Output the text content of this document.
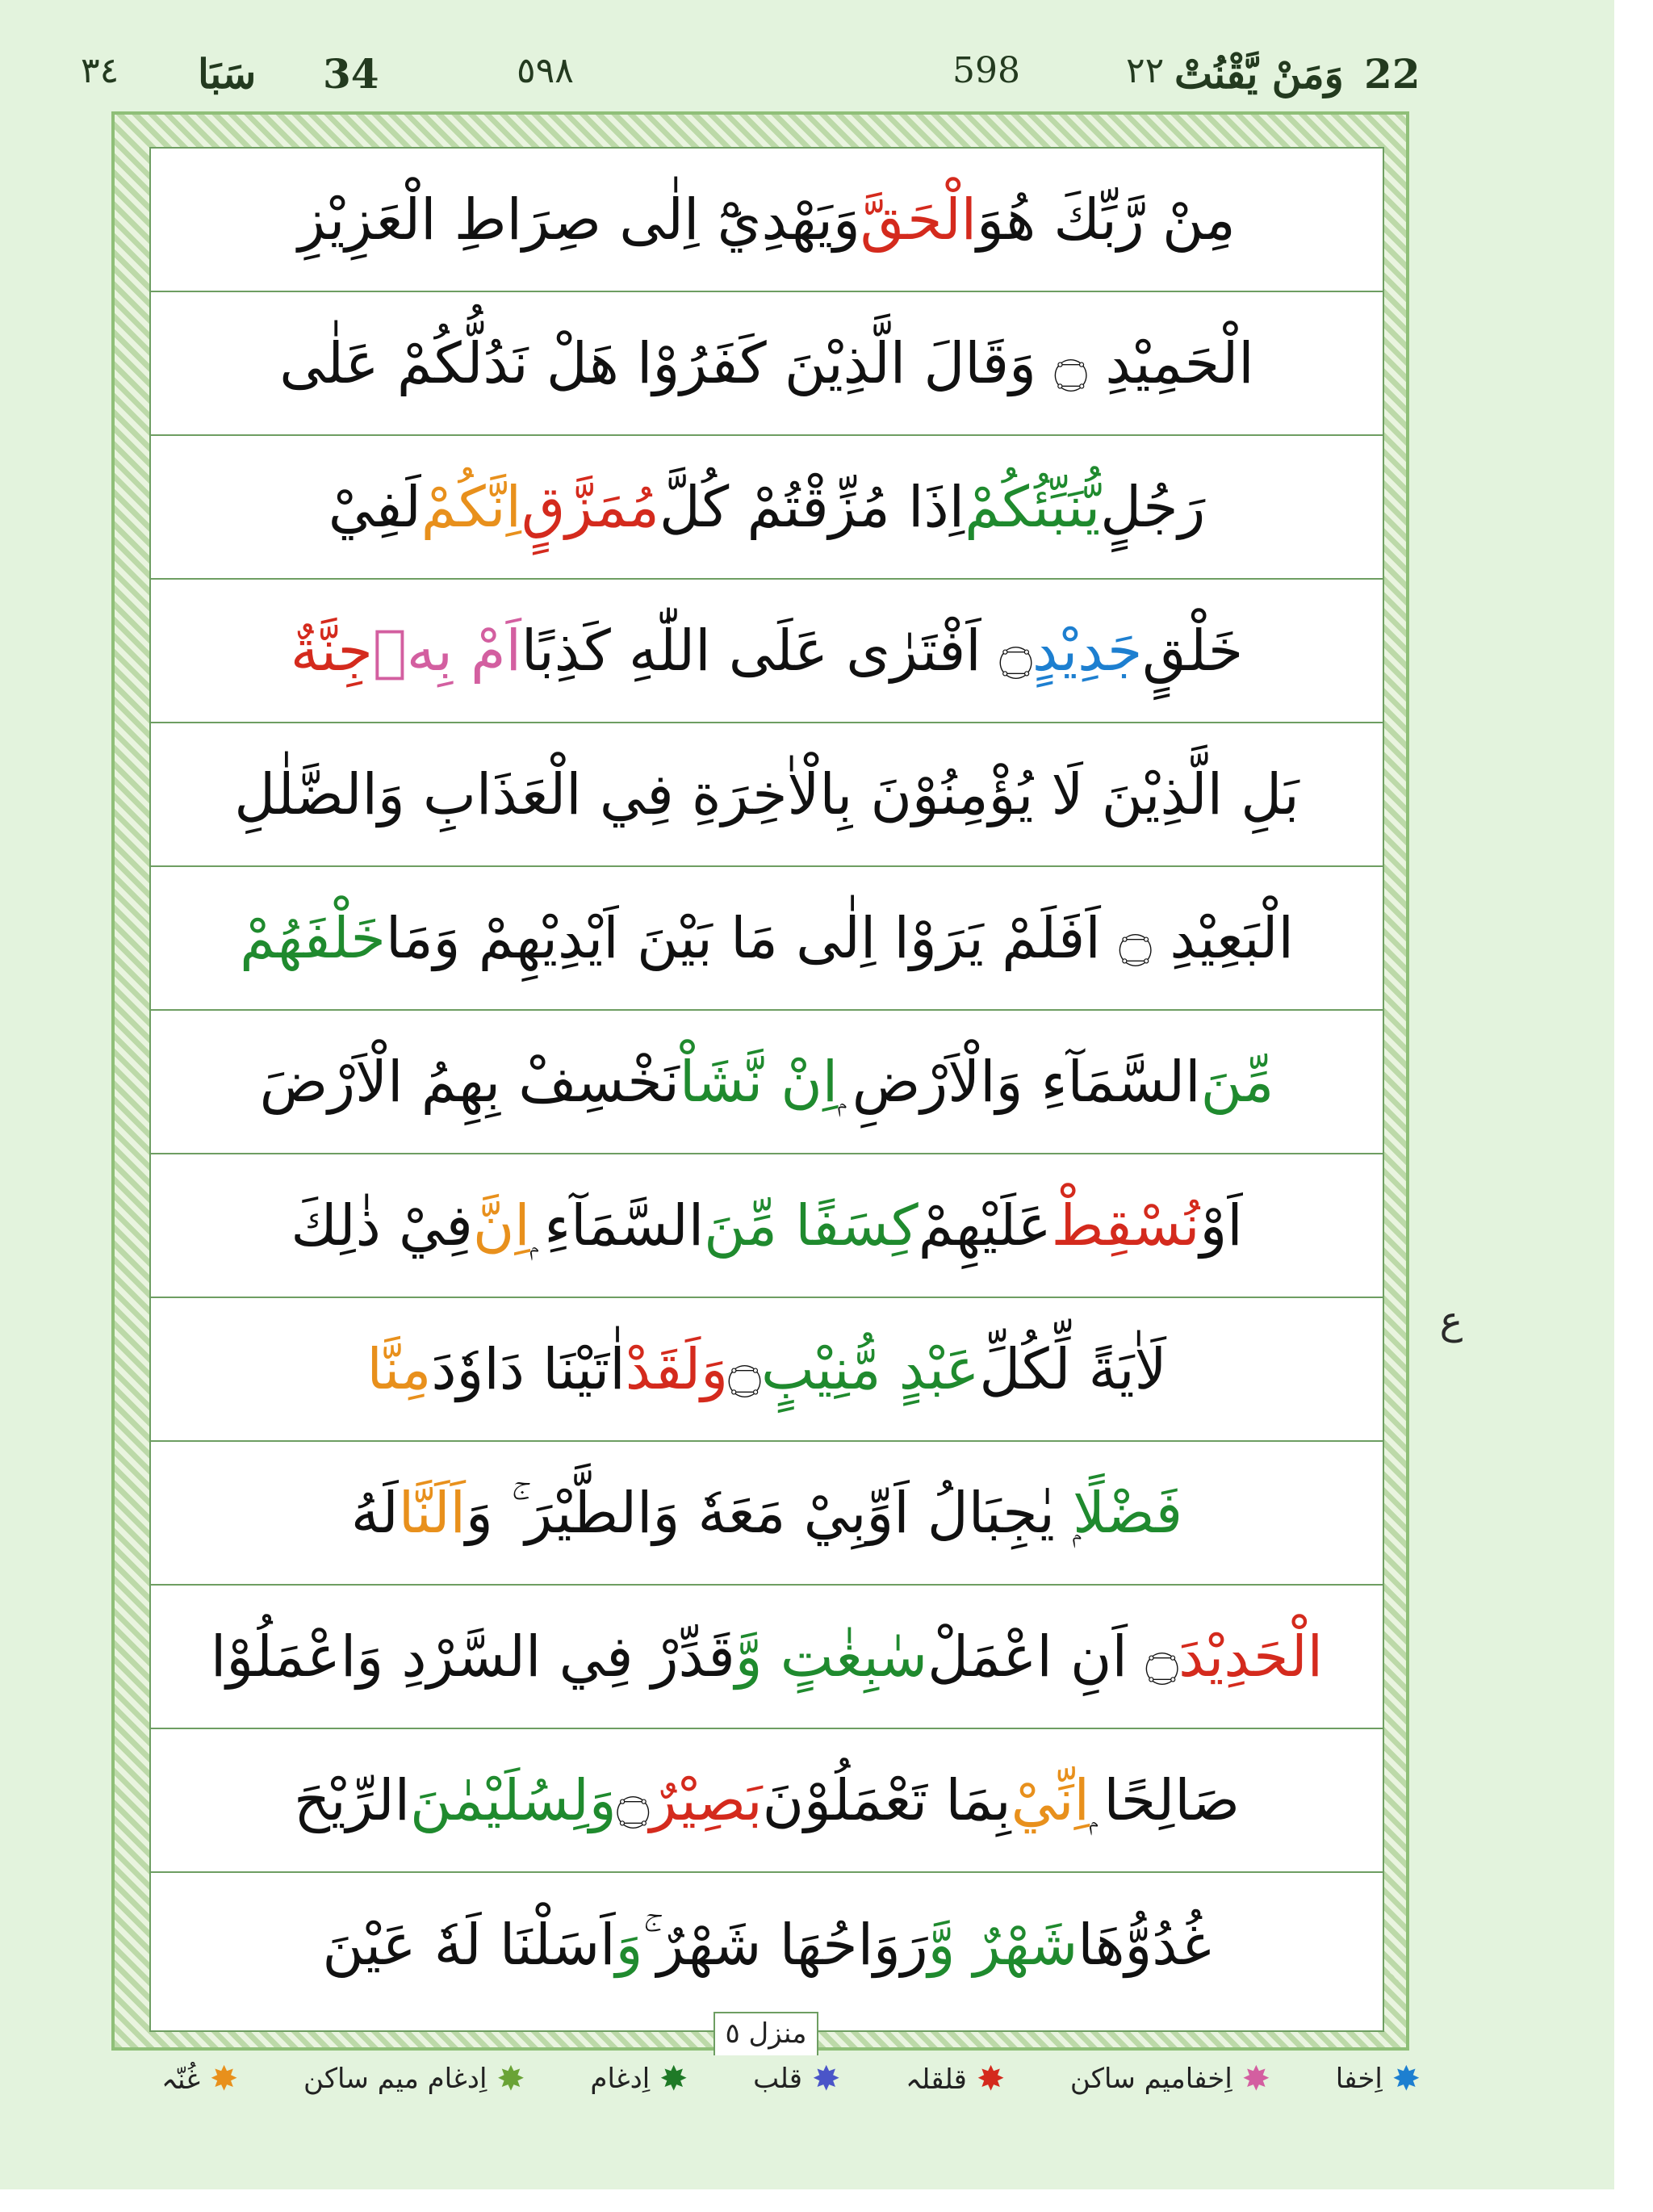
٣٤ سَبَا 34	٥٩٨	598	٢٢ وَمَنْ يَّقْنُتْ 22
مِنْ رَّبِّكَ هُوَ
الْحَقَّ
وَيَهْدِيْٓ اِلٰى صِرَاطِ الْعَزِيْزِ
الْحَمِيْدِ ۝ وَقَالَ الَّذِيْنَ كَفَرُوْا هَلْ نَدُلُّكُمْ عَلٰى
رَجُلٍ
يُّنَبِّئُكُمْ
اِذَا مُزِّقْتُمْ كُلَّ
مُمَزَّقٍ
اِنَّكُمْ
لَفِيْ
خَلْقٍ
جَدِيْدٍ
۝ اَفْتَرٰى عَلَى اللّٰهِ كَذِبًا
اَمْ بِهٖ
جِنَّةٌ
بَلِ الَّذِيْنَ لَا يُؤْمِنُوْنَ بِالْاٰخِرَةِ فِي الْعَذَابِ وَالضَّلٰلِ
الْبَعِيْدِ ۝ اَفَلَمْ يَرَوْا اِلٰى مَا بَيْنَ اَيْدِيْهِمْ وَمَا
خَلْفَهُمْ
مِّنَ
السَّمَآءِ وَالْاَرْضِ ۭ
اِنْ نَّشَاْ
نَخْسِفْ بِهِمُ الْاَرْضَ
اَوْ
نُسْقِطْ
عَلَيْهِمْ
كِسَفًا مِّنَ
السَّمَآءِ ۭ
اِنَّ
فِيْ ذٰلِكَ
لَاٰيَةً لِّكُلِّ
عَبْدٍ مُّنِيْبٍ
۝
وَلَقَدْ
اٰتَيْنَا دَاوٗدَ
مِنَّا
فَضْلًا
ۭ يٰجِبَالُ اَوِّبِيْ مَعَهٗ وَالطَّيْرَ ۚ وَ
اَلَنَّا
لَهُ
الْحَدِيْدَ
۝ اَنِ اعْمَلْ
سٰبِغٰتٍ وَّ
قَدِّرْ فِي السَّرْدِ وَاعْمَلُوْا
صَالِحًا ۭ
اِنِّيْ
بِمَا تَعْمَلُوْنَ
بَصِيْرٌ
۝
وَلِسُلَيْمٰنَ
الرِّيْحَ
غُدُوُّهَا
شَهْرٌ وَّ
رَوَاحُهَا شَهْرٌ ۚ
وَ
اَسَلْنَا لَهٗ عَيْنَ
ع
منزل ٥
✸
اِخفا
✸
اِخفامیم ساکن
✸
قلقلہ
✸
قلب
✸
اِدغام
✸
اِدغام میم ساکن
✸
غُنّہ
